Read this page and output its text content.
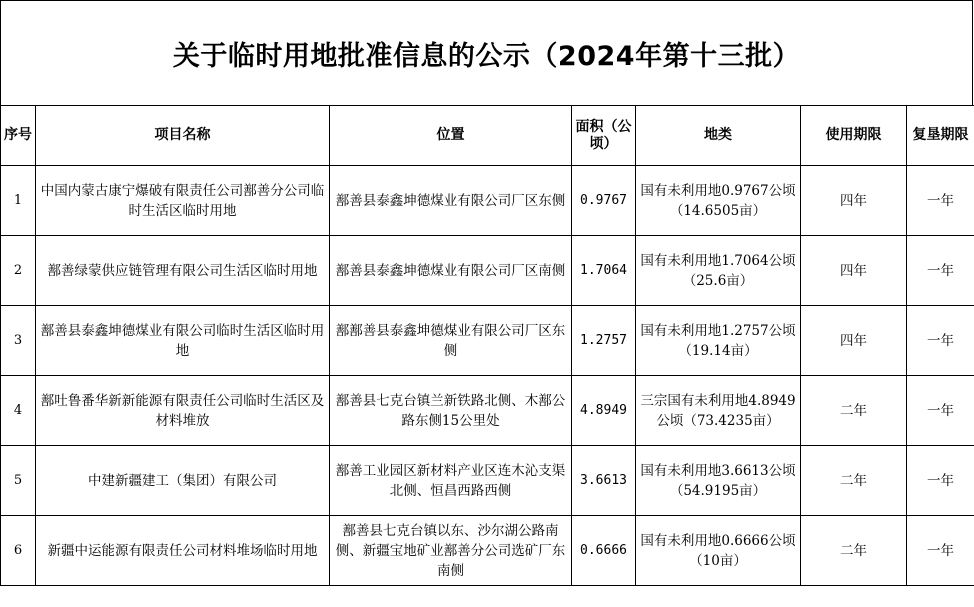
关于临时用地批准信息的公示（2024年第十三批）
序号	项目名称	位置	面积（公顷）	地类	使用期限	复垦期限
1	中国内蒙古康宁爆破有限责任公司鄯善分公司临时生活区临时用地	鄯善县泰鑫坤德煤业有限公司厂区东侧	0.9767	国有未利用地0.9767公顷（14.6505亩）	四年	一年
2	鄯善绿蒙供应链管理有限公司生活区临时用地	鄯善县泰鑫坤德煤业有限公司厂区南侧	1.7064	国有未利用地1.7064公顷（25.6亩）	四年	一年
3	鄯善县泰鑫坤德煤业有限公司临时生活区临时用地	鄯鄯善县泰鑫坤德煤业有限公司厂区东侧	1.2757	国有未利用地1.2757公顷（19.14亩）	四年	一年
4	鄯吐鲁番华新新能源有限责任公司临时生活区及材料堆放	鄯善县七克台镇兰新铁路北侧、木鄯公路东侧15公里处	4.8949	三宗国有未利用地4.8949公顷（73.4235亩）	二年	一年
5	中建新疆建工（集团）有限公司	鄯善工业园区新材料产业区连木沁支渠北侧、恒昌西路西侧	3.6613	国有未利用地3.6613公顷（54.9195亩）	二年	一年
6	新疆中运能源有限责任公司材料堆场临时用地	鄯善县七克台镇以东、沙尔湖公路南侧、新疆宝地矿业鄯善分公司选矿厂东南侧	0.6666	国有未利用地0.6666公顷（10亩）	二年	一年
